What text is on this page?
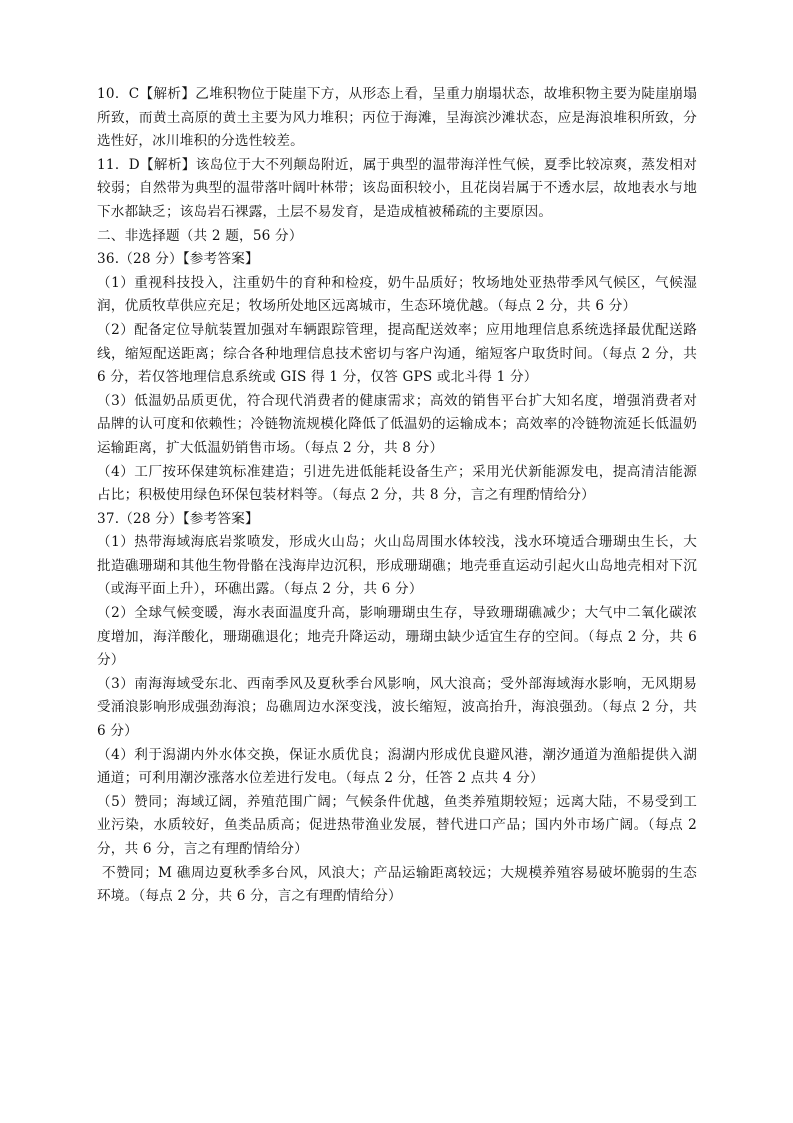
10．C【解析】乙堆积物位于陡崖下方，从形态上看，呈重力崩塌状态，故堆积物主要为陡崖崩塌所致，而黄土高原的黄土主要为风力堆积；丙位于海滩，呈海滨沙滩状态，应是海浪堆积所致，分选性好，冰川堆积的分选性较差。

11．D【解析】该岛位于大不列颠岛附近，属于典型的温带海洋性气候，夏季比较凉爽，蒸发相对较弱；自然带为典型的温带落叶阔叶林带；该岛面积较小，且花岗岩属于不透水层，故地表水与地下水都缺乏；该岛岩石裸露，土层不易发育，是造成植被稀疏的主要原因。

二、非选择题（共 2 题，56 分）

36.（28 分）【参考答案】

（1）重视科技投入，注重奶牛的育种和检疫，奶牛品质好；牧场地处亚热带季风气候区，气候湿润，优质牧草供应充足；牧场所处地区远离城市，生态环境优越。（每点 2 分，共 6 分）

（2）配备定位导航装置加强对车辆跟踪管理，提高配送效率；应用地理信息系统选择最优配送路线，缩短配送距离；综合各种地理信息技术密切与客户沟通，缩短客户取货时间。（每点 2 分，共 6 分，若仅答地理信息系统或 GIS 得 1 分，仅答 GPS 或北斗得 1 分）

（3）低温奶品质更优，符合现代消费者的健康需求；高效的销售平台扩大知名度，增强消费者对品牌的认可度和依赖性；冷链物流规模化降低了低温奶的运输成本；高效率的冷链物流延长低温奶运输距离，扩大低温奶销售市场。（每点 2 分，共 8 分）

（4）工厂按环保建筑标准建造；引进先进低能耗设备生产；采用光伏新能源发电，提高清洁能源占比；积极使用绿色环保包装材料等。（每点 2 分，共 8 分，言之有理酌情给分）

37.（28 分）【参考答案】

（1）热带海域海底岩浆喷发，形成火山岛；火山岛周围水体较浅，浅水环境适合珊瑚虫生长，大批造礁珊瑚和其他生物骨骼在浅海岸边沉积，形成珊瑚礁；地壳垂直运动引起火山岛地壳相对下沉（或海平面上升），环礁出露。（每点 2 分，共 6 分）

（2）全球气候变暖，海水表面温度升高，影响珊瑚虫生存，导致珊瑚礁减少；大气中二氧化碳浓度增加，海洋酸化，珊瑚礁退化；地壳升降运动，珊瑚虫缺少适宜生存的空间。（每点 2 分，共 6 分）

（3）南海海域受东北、西南季风及夏秋季台风影响，风大浪高；受外部海域海水影响，无风期易受涌浪影响形成强劲海浪；岛礁周边水深变浅，波长缩短，波高抬升，海浪强劲。（每点 2 分，共 6 分）

（4）利于潟湖内外水体交换，保证水质优良；潟湖内形成优良避风港，潮汐通道为渔船提供入湖通道；可利用潮汐涨落水位差进行发电。（每点 2 分，任答 2 点共 4 分）

（5）赞同；海域辽阔，养殖范围广阔；气候条件优越，鱼类养殖期较短；远离大陆，不易受到工业污染，水质较好，鱼类品质高；促进热带渔业发展，替代进口产品；国内外市场广阔。（每点 2 分，共 6 分，言之有理酌情给分）

不赞同；M 礁周边夏秋季多台风，风浪大；产品运输距离较远；大规模养殖容易破坏脆弱的生态环境。（每点 2 分，共 6 分，言之有理酌情给分）
